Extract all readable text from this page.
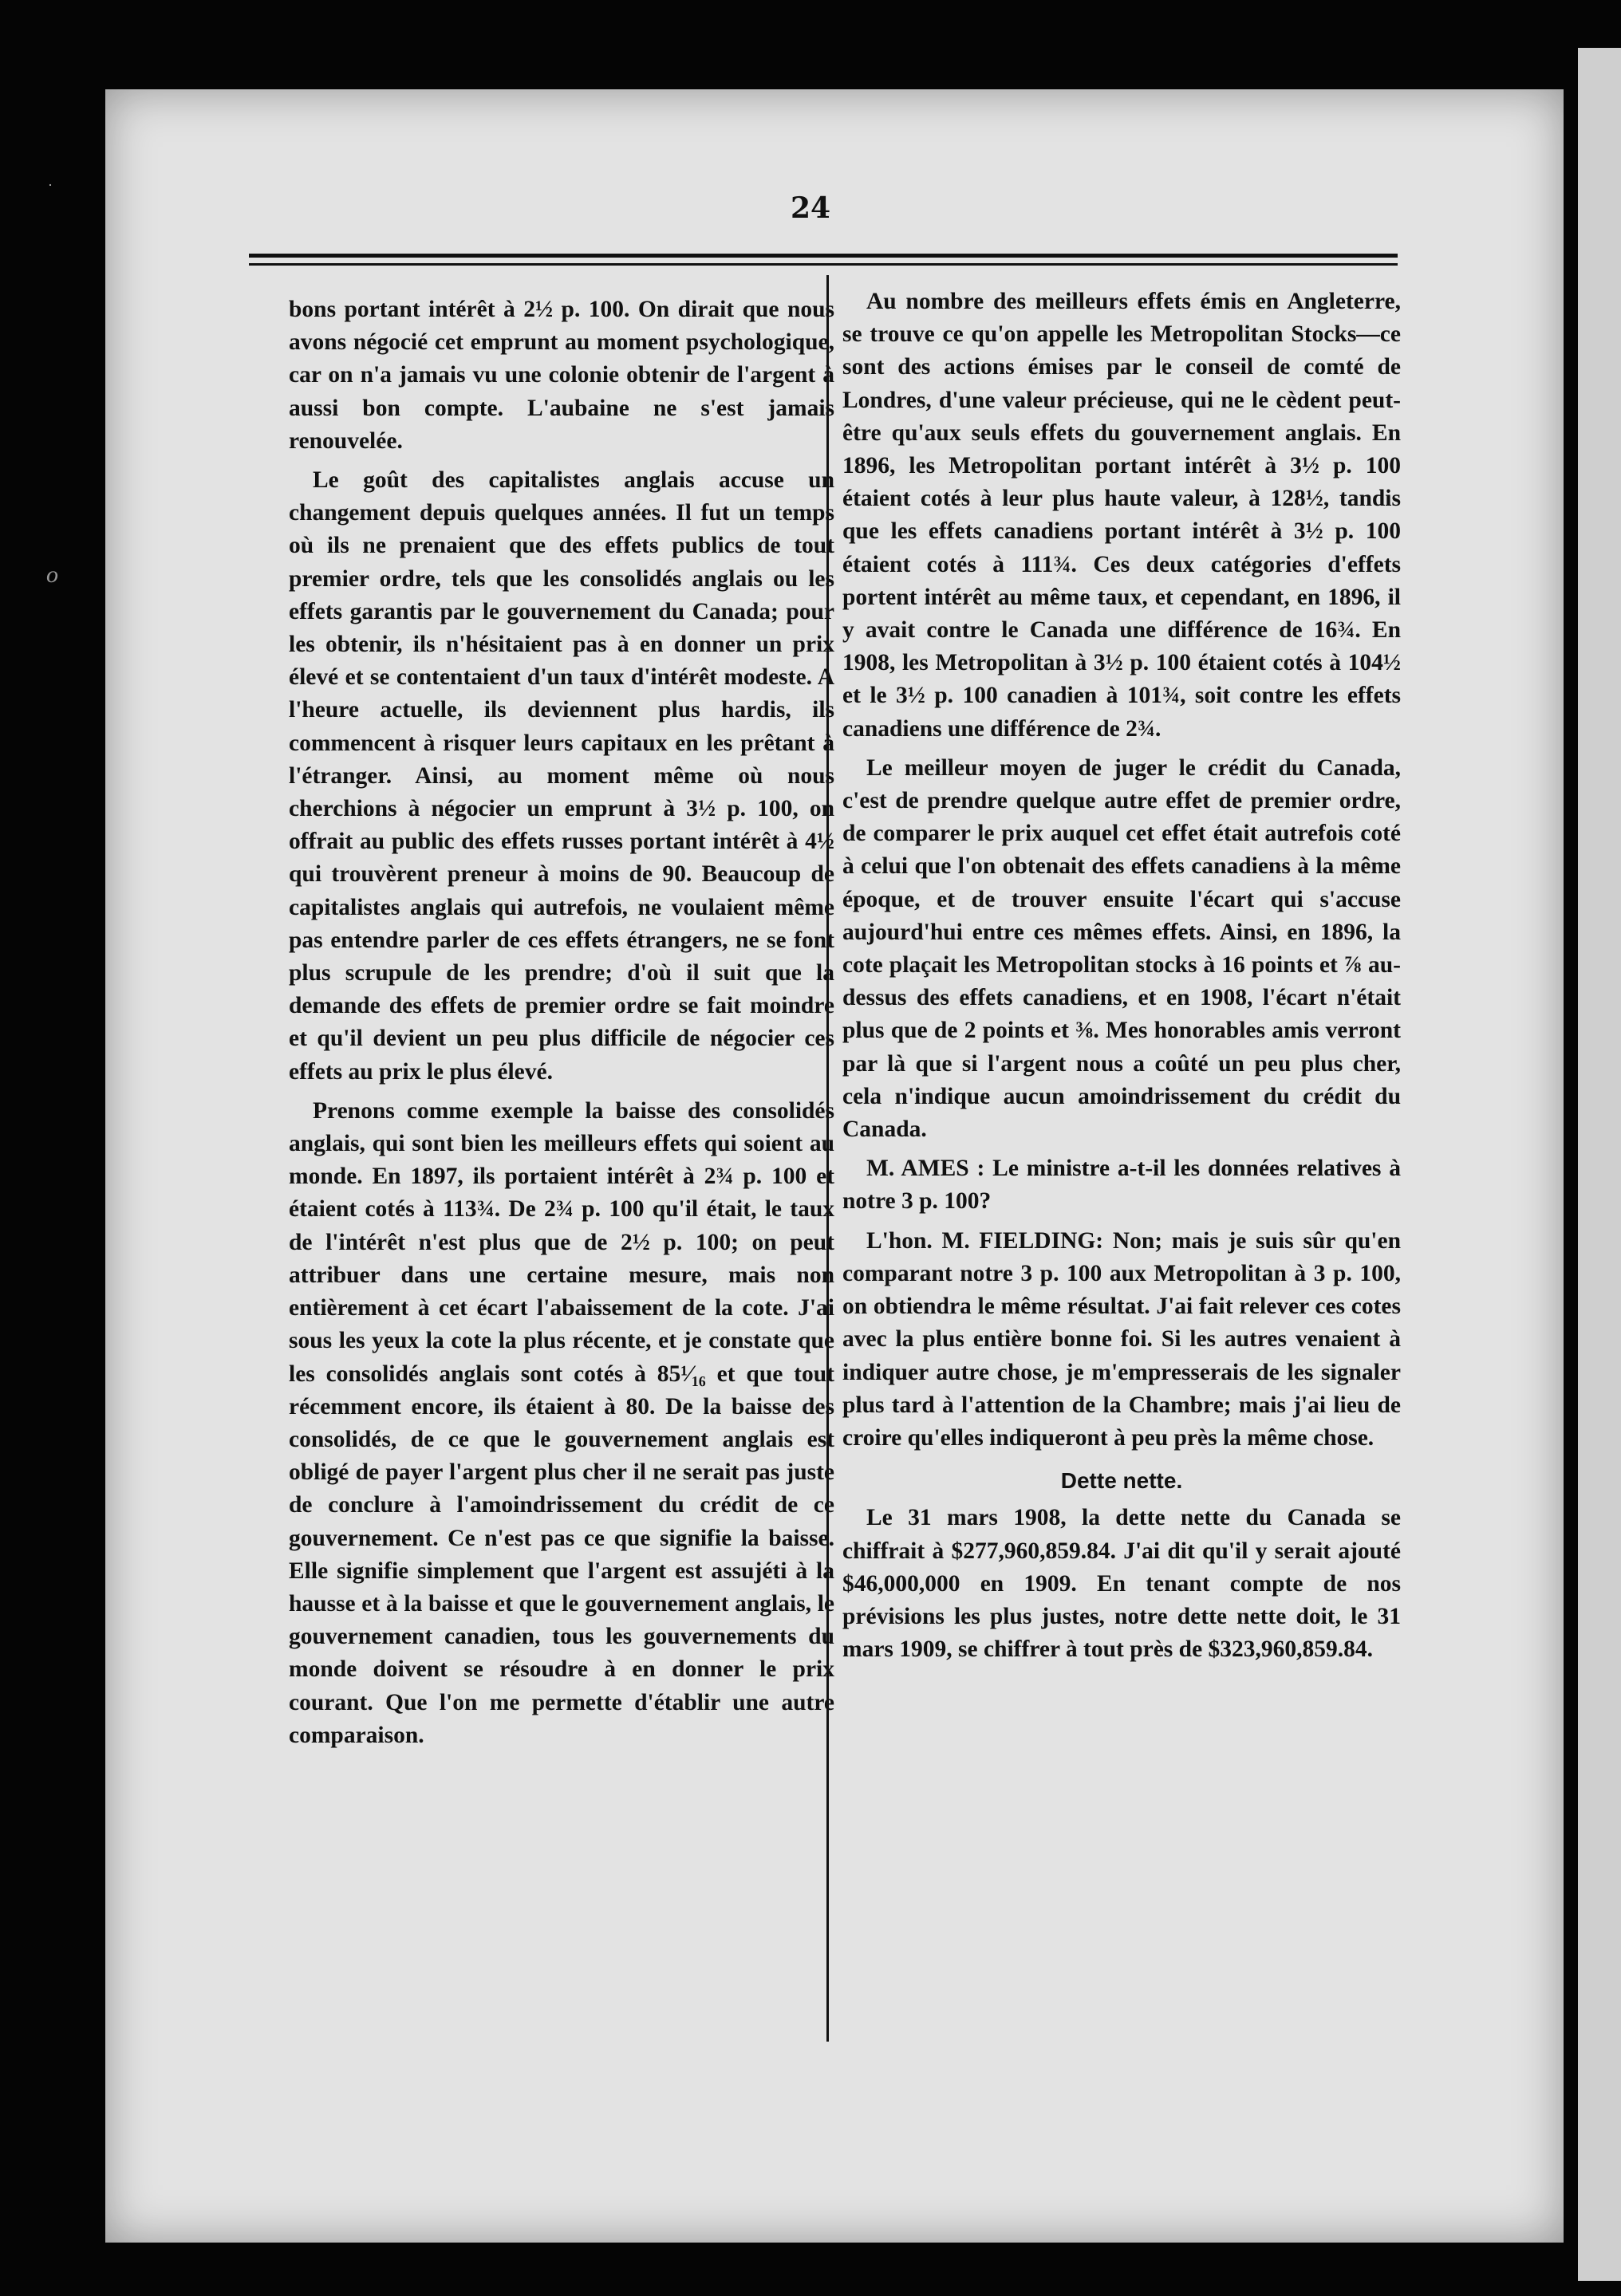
·
o
24

bons portant intérêt à 2½ p. 100. On dirait que nous avons négocié cet emprunt au moment psychologique, car on n'a jamais vu une colonie obtenir de l'argent à aussi bon compte. L'aubaine ne s'est jamais renouvelée.

Le goût des capitalistes anglais accuse un changement depuis quelques années. Il fut un temps où ils ne prenaient que des effets publics de tout premier ordre, tels que les consolidés anglais ou les effets garantis par le gouvernement du Canada; pour les obtenir, ils n'hésitaient pas à en donner un prix élevé et se contentaient d'un taux d'intérêt modeste. A l'heure actuelle, ils deviennent plus hardis, ils commencent à risquer leurs capitaux en les prêtant à l'étranger. Ainsi, au moment même où nous cherchions à négocier un emprunt à 3½ p. 100, on offrait au public des effets russes portant intérêt à 4½ qui trouvèrent preneur à moins de 90. Beaucoup de capitalistes anglais qui autrefois, ne voulaient même pas entendre parler de ces effets étrangers, ne se font plus scrupule de les prendre; d'où il suit que la demande des effets de premier ordre se fait moindre et qu'il devient un peu plus difficile de négocier ces effets au prix le plus élevé.

Prenons comme exemple la baisse des consolidés anglais, qui sont bien les meilleurs effets qui soient au monde. En 1897, ils portaient intérêt à 2¾ p. 100 et étaient cotés à 113¾. De 2¾ p. 100 qu'il était, le taux de l'intérêt n'est plus que de 2½ p. 100; on peut attribuer dans une certaine mesure, mais non entièrement à cet écart l'abaissement de la cote. J'ai sous les yeux la cote la plus récente, et je constate que les consolidés anglais sont cotés à 85¹⁄₁₆ et que tout récemment encore, ils étaient à 80. De la baisse des consolidés, de ce que le gouvernement anglais est obligé de payer l'argent plus cher il ne serait pas juste de conclure à l'amoindrissement du crédit de ce gouvernement. Ce n'est pas ce que signifie la baisse. Elle signifie simplement que l'argent est assujéti à la hausse et à la baisse et que le gouvernement anglais, le gouvernement canadien, tous les gouvernements du monde doivent se résoudre à en donner le prix courant. Que l'on me permette d'établir une autre comparaison.

Au nombre des meilleurs effets émis en Angleterre, se trouve ce qu'on appelle les Metropolitan Stocks—ce sont des actions émises par le conseil de comté de Londres, d'une valeur précieuse, qui ne le cèdent peut-être qu'aux seuls effets du gouvernement anglais. En 1896, les Metropolitan portant intérêt à 3½ p. 100 étaient cotés à leur plus haute valeur, à 128½, tandis que les effets canadiens portant intérêt à 3½ p. 100 étaient cotés à 111¾. Ces deux catégories d'effets portent intérêt au même taux, et cependant, en 1896, il y avait contre le Canada une différence de 16¾. En 1908, les Metropolitan à 3½ p. 100 étaient cotés à 104½ et le 3½ p. 100 canadien à 101¾, soit contre les effets canadiens une différence de 2¾.

Le meilleur moyen de juger le crédit du Canada, c'est de prendre quelque autre effet de premier ordre, de comparer le prix auquel cet effet était autrefois coté à celui que l'on obtenait des effets canadiens à la même époque, et de trouver ensuite l'écart qui s'accuse aujourd'hui entre ces mêmes effets. Ainsi, en 1896, la cote plaçait les Metropolitan stocks à 16 points et ⅞ au-dessus des effets canadiens, et en 1908, l'écart n'était plus que de 2 points et ⅜. Mes honorables amis verront par là que si l'argent nous a coûté un peu plus cher, cela n'indique aucun amoindrissement du crédit du Canada.

M. AMES : Le ministre a-t-il les données relatives à notre 3 p. 100?

L'hon. M. FIELDING: Non; mais je suis sûr qu'en comparant notre 3 p. 100 aux Metropolitan à 3 p. 100, on obtiendra le même résultat. J'ai fait relever ces cotes avec la plus entière bonne foi. Si les autres venaient à indiquer autre chose, je m'empresserais de les signaler plus tard à l'attention de la Chambre; mais j'ai lieu de croire qu'elles indiqueront à peu près la même chose.

Dette nette.

Le 31 mars 1908, la dette nette du Canada se chiffrait à $277,960,859.84. J'ai dit qu'il y serait ajouté $46,000,000 en 1909. En tenant compte de nos prévisions les plus justes, notre dette nette doit, le 31 mars 1909, se chiffrer à tout près de $323,960,859.84.
